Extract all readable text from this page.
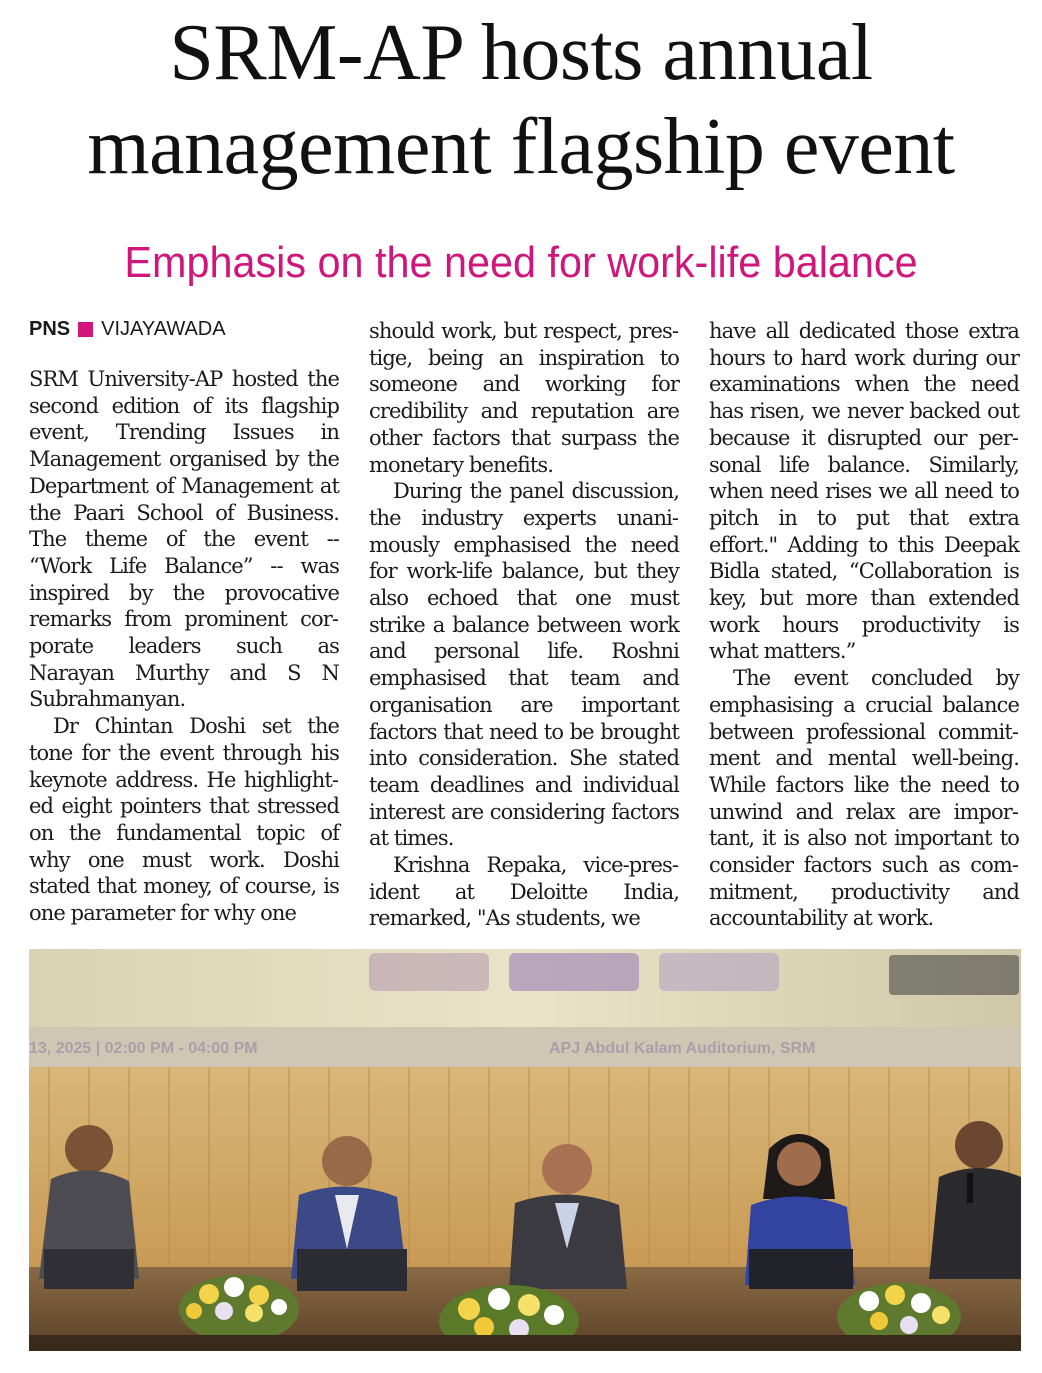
SRM-AP hosts annual management flagship event
Emphasis on the need for work-life balance
PNS VIJAYAWADA

SRM University-AP hosted the second edition of its flagship event, Trending Issues in Management organised by the Department of Management at the Paari School of Business. The theme of the event -- “Work Life Balance” -- was inspired by the provocative remarks from prominent corporate leaders such as Narayan Murthy and S N Subrahmanyan.

Dr Chintan Doshi set the tone for the event through his keynote address. He highlighted eight pointers that stressed on the fundamental topic of why one must work. Doshi stated that money, of course, is one parameter for why one

should work, but respect, prestige, being an inspiration to someone and working for credibility and reputation are other factors that surpass the monetary benefits.

During the panel discussion, the industry experts unanimously emphasised the need for work-life balance, but they also echoed that one must strike a balance between work and personal life. Roshni emphasised that team and organisation are important factors that need to be brought into consideration. She stated team deadlines and individual interest are considering factors at times.

Krishna Repaka, vice-president at Deloitte India, remarked, "As students, we

have all dedicated those extra hours to hard work during our examinations when the need has risen, we never backed out because it disrupted our personal life balance. Similarly, when need rises we all need to pitch in to put that extra effort." Adding to this Deepak Bidla stated, “Collaboration is key, but more than extended work hours productivity is what matters.”

The event concluded by emphasising a crucial balance between professional commitment and mental well-being. While factors like the need to unwind and relax are important, it is also not important to consider factors such as commitment, productivity and accountability at work.

13, 2025 | 02:00 PM - 04:00 PM	APJ Abdul Kalam Auditorium, SRM
